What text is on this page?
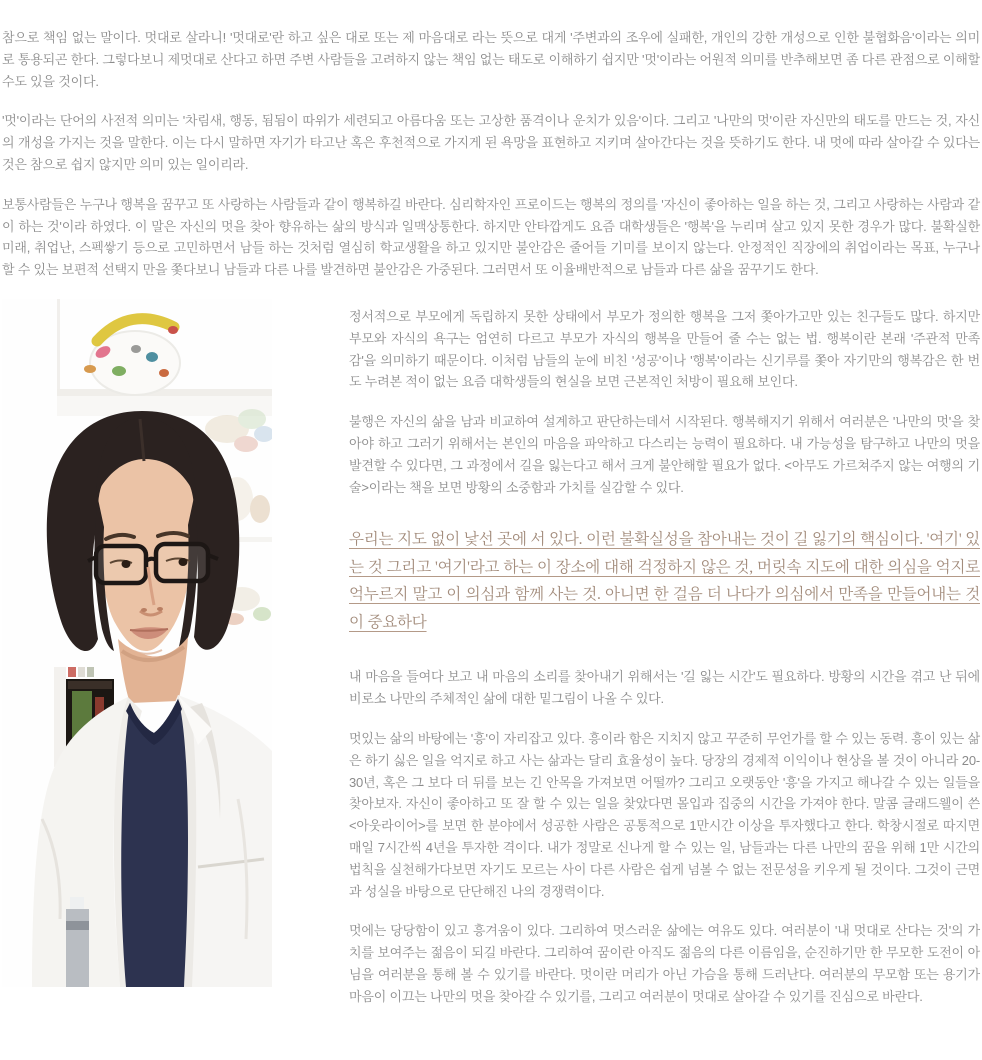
참으로 책임 없는 말이다. 멋대로 살라니! '멋대로'란 하고 싶은 대로 또는 제 마음대로 라는 뜻으로 대게 '주변과의 조우에 실패한, 개인의 강한 개성으로 인한 불협화음'이라는 의미로 통용되곤 한다. 그렇다보니 제멋대로 산다고 하면 주변 사람들을 고려하지 않는 책임 없는 태도로 이해하기 쉽지만 '멋'이라는 어원적 의미를 반추해보면 좀 다른 관점으로 이해할 수도 있을 것이다.

'멋'이라는 단어의 사전적 의미는 '차림새, 행동, 됨됨이 따위가 세련되고 아름다움 또는 고상한 품격이나 운치가 있음'이다. 그리고 '나만의 멋'이란 자신만의 태도를 만드는 것, 자신의 개성을 가지는 것을 말한다. 이는 다시 말하면 자기가 타고난 혹은 후천적으로 가지게 된 욕망을 표현하고 지키며 살아간다는 것을 뜻하기도 한다. 내 멋에 따라 살아갈 수 있다는 것은 참으로 쉽지 않지만 의미 있는 일이리라.

보통사람들은 누구나 행복을 꿈꾸고 또 사랑하는 사람들과 같이 행복하길 바란다. 심리학자인 프로이드는 행복의 정의를 '자신이 좋아하는 일을 하는 것, 그리고 사랑하는 사람과 같이 하는 것'이라 하였다. 이 말은 자신의 멋을 찾아 향유하는 삶의 방식과 일맥상통한다. 하지만 안타깝게도 요즘 대학생들은 '행복'을 누리며 살고 있지 못한 경우가 많다. 불확실한 미래, 취업난, 스펙쌓기 등으로 고민하면서 남들 하는 것처럼 열심히 학교생활을 하고 있지만 불안감은 줄어들 기미를 보이지 않는다. 안정적인 직장에의 취업이라는 목표, 누구나 할 수 있는 보편적 선택지 만을 쫓다보니 남들과 다른 나를 발견하면 불안감은 가중된다. 그러면서 또 이율배반적으로 남들과 다른 삶을 꿈꾸기도 한다.

정서적으로 부모에게 독립하지 못한 상태에서 부모가 정의한 행복을 그저 쫓아가고만 있는 친구들도 많다. 하지만 부모와 자식의 욕구는 엄연히 다르고 부모가 자식의 행복을 만들어 줄 수는 없는 법. 행복이란 본래 '주관적 만족감'을 의미하기 때문이다. 이처럼 남들의 눈에 비친 '성공'이나 '행복'이라는 신기루를 쫓아 자기만의 행복감은 한 번도 누려본 적이 없는 요즘 대학생들의 현실을 보면 근본적인 처방이 필요해 보인다.

불행은 자신의 삶을 남과 비교하여 설계하고 판단하는데서 시작된다. 행복해지기 위해서 여러분은 '나만의 멋'을 찾아야 하고 그러기 위해서는 본인의 마음을 파악하고 다스리는 능력이 필요하다. 내 가능성을 탐구하고 나만의 멋을 발견할 수 있다면, 그 과정에서 길을 잃는다고 해서 크게 불안해할 필요가 없다. <아무도 가르쳐주지 않는 여행의 기술>이라는 책을 보면 방황의 소중함과 가치를 실감할 수 있다.

우리는 지도 없이 낯선 곳에 서 있다. 이런 불확실성을 참아내는 것이 길 잃기의 핵심이다. '여기' 있는 것 그리고 '여기'라고 하는 이 장소에 대해 걱정하지 않은 것, 머릿속 지도에 대한 의심을 억지로 억누르지 말고 이 의심과 함께 사는 것. 아니면 한 걸음 더 나다가 의심에서 만족을 만들어내는 것이 중요하다

내 마음을 들여다 보고 내 마음의 소리를 찾아내기 위해서는 '길 잃는 시간'도 필요하다. 방황의 시간을 겪고 난 뒤에 비로소 나만의 주체적인 삶에 대한 밑그림이 나올 수 있다.

멋있는 삶의 바탕에는 '흥'이 자리잡고 있다. 흥이라 함은 지치지 않고 꾸준히 무언가를 할 수 있는 동력. 흥이 있는 삶은 하기 싫은 일을 억지로 하고 사는 삶과는 달리 효율성이 높다. 당장의 경제적 이익이나 현상을 볼 것이 아니라 20-30년, 혹은 그 보다 더 뒤를 보는 긴 안목을 가져보면 어떨까? 그리고 오랫동안 '흥'을 가지고 해나갈 수 있는 일들을 찾아보자. 자신이 좋아하고 또 잘 할 수 있는 일을 찾았다면 몰입과 집중의 시간을 가져야 한다. 말콤 글래드웰이 쓴 <아웃라이어>를 보면 한 분야에서 성공한 사람은 공통적으로 1만시간 이상을 투자했다고 한다. 학창시절로 따지면 매일 7시간씩 4년을 투자한 격이다. 내가 정말로 신나게 할 수 있는 일, 남들과는 다른 나만의 꿈을 위해 1만 시간의 법칙을 실천해가다보면 자기도 모르는 사이 다른 사람은 쉽게 넘볼 수 없는 전문성을 키우게 될 것이다. 그것이 근면과 성실을 바탕으로 단단해진 나의 경쟁력이다.

멋에는 당당함이 있고 흥겨움이 있다. 그리하여 멋스러운 삶에는 여유도 있다. 여러분이 '내 멋대로 산다는 것'의 가치를 보여주는 젊음이 되길 바란다. 그리하여 꿈이란 아직도 젊음의 다른 이름임을, 순진하기만 한 무모한 도전이 아님을 여러분을 통해 볼 수 있기를 바란다. 멋이란 머리가 아닌 가슴을 통해 드러난다. 여러분의 무모함 또는 용기가 마음이 이끄는 나만의 멋을 찾아갈 수 있기를, 그리고 여러분이 멋대로 살아갈 수 있기를 진심으로 바란다.
